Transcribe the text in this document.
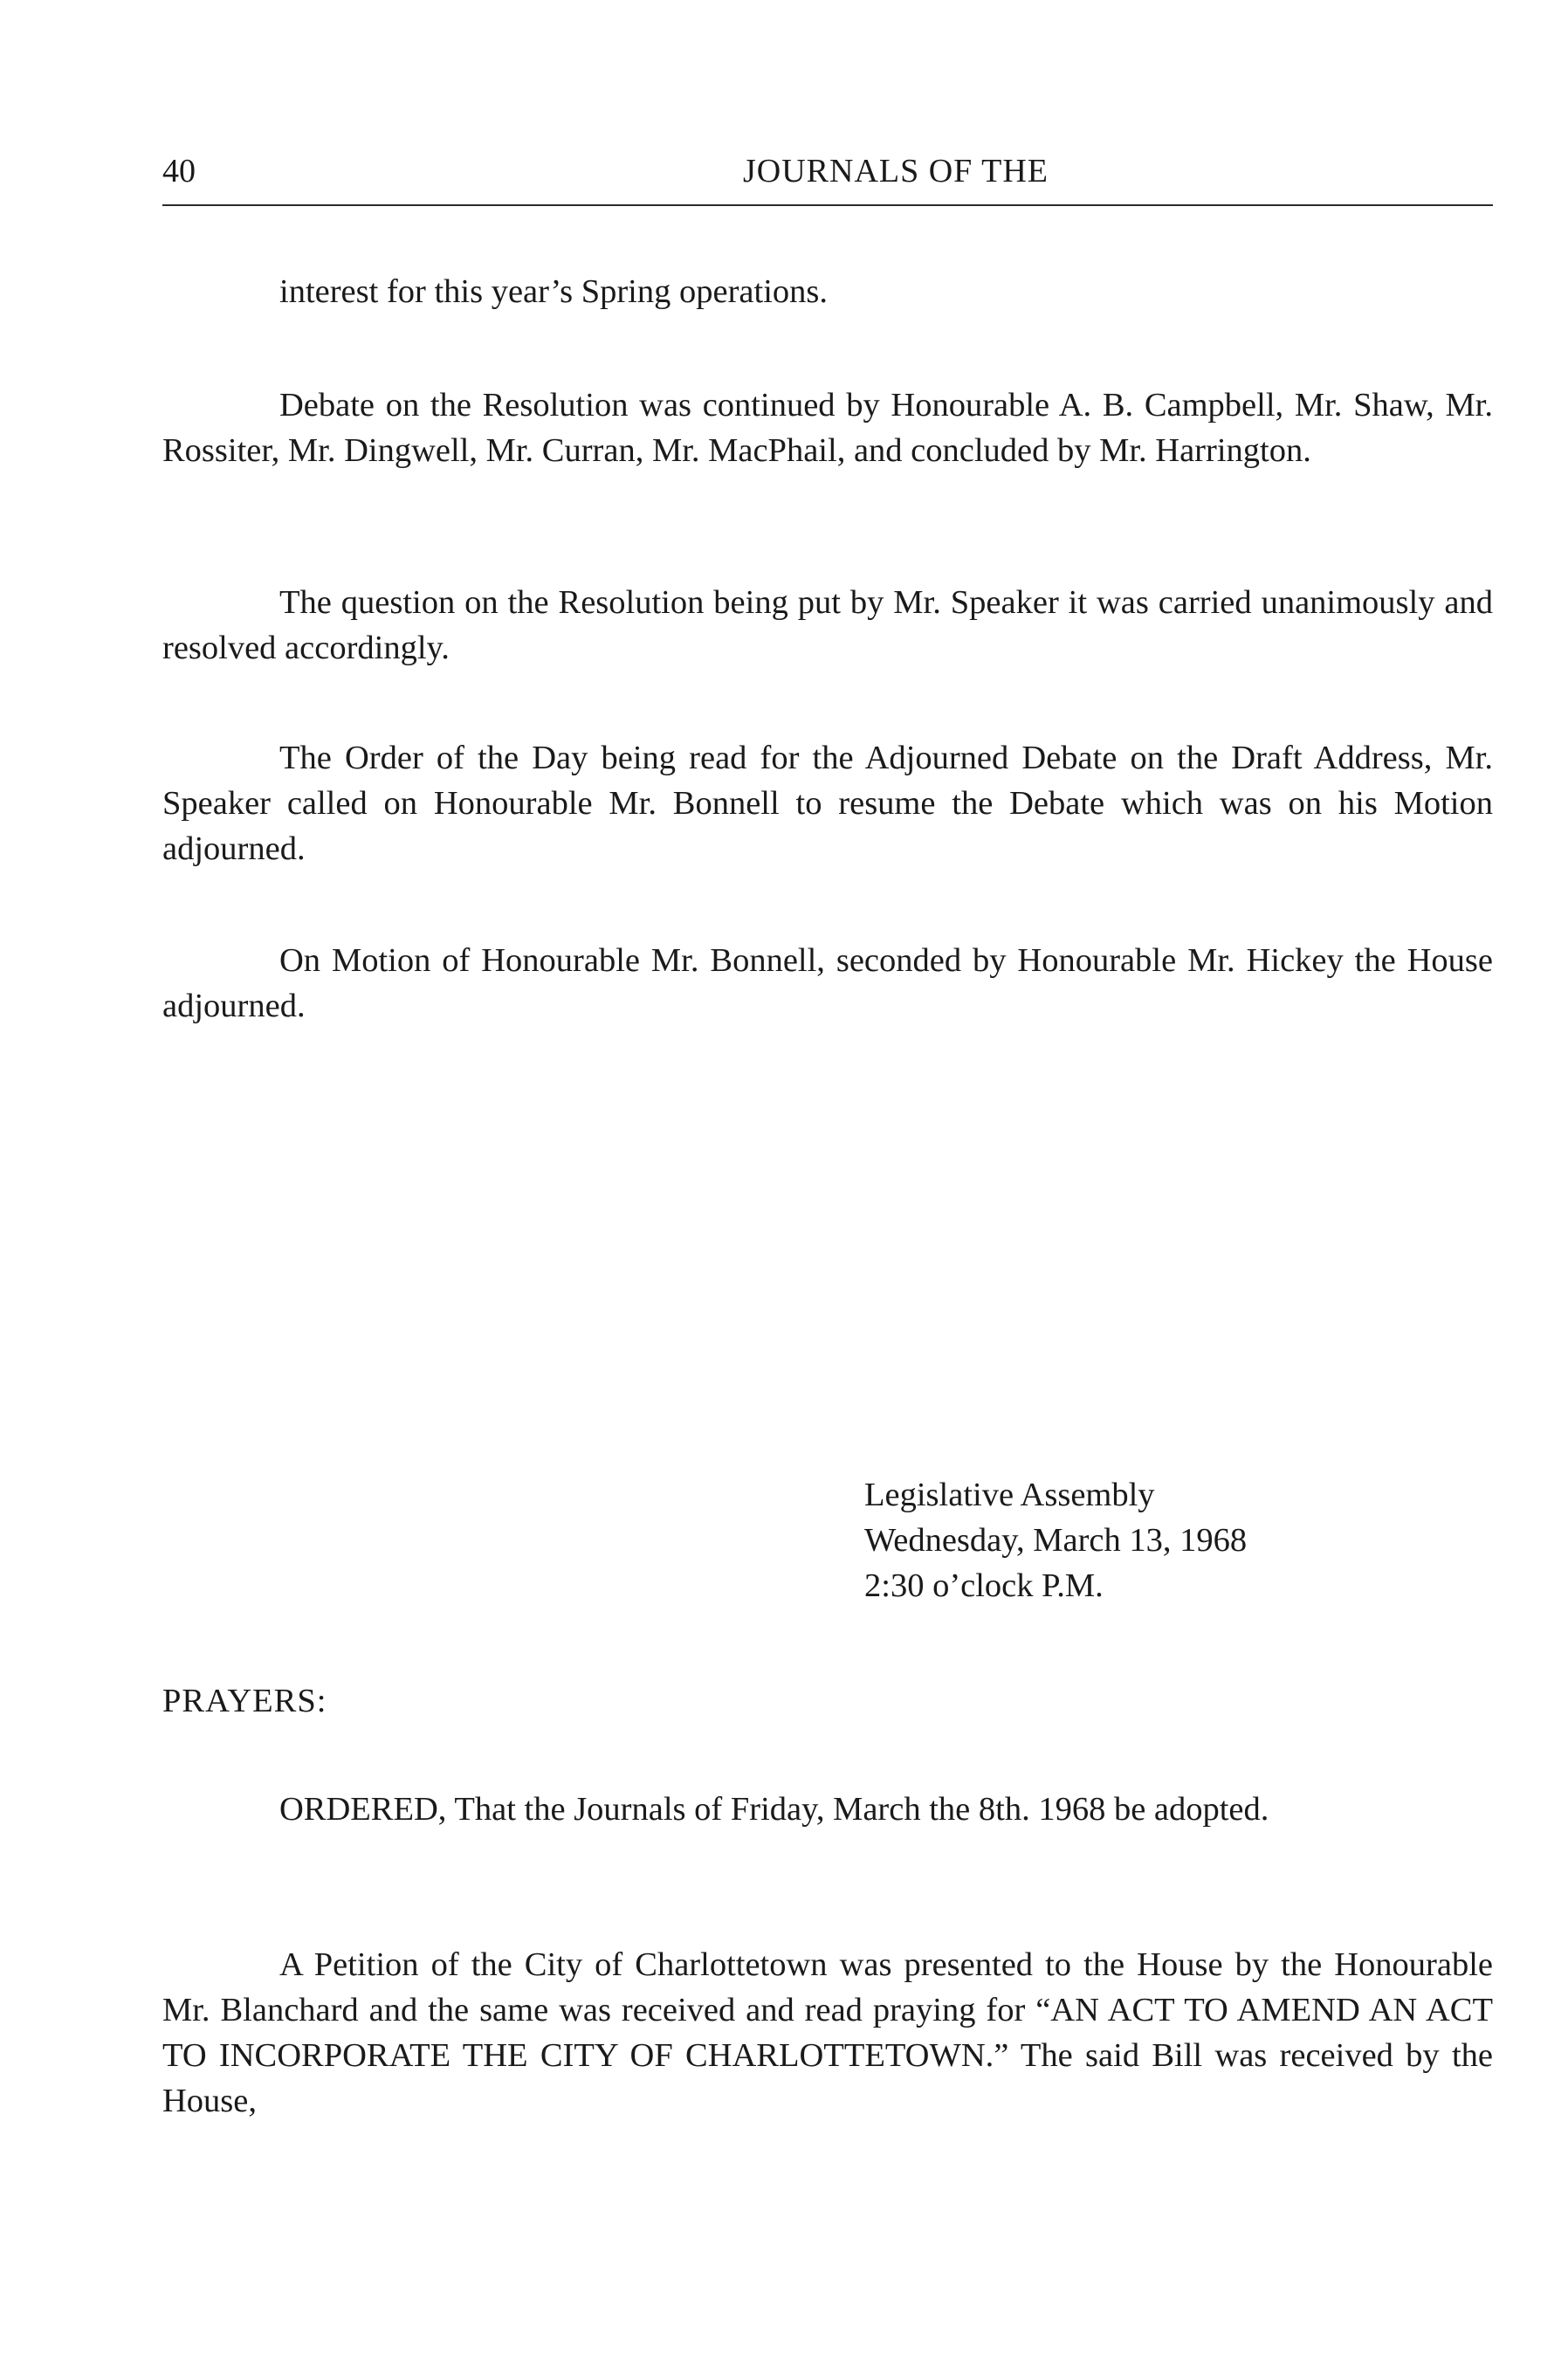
40	JOURNALS OF THE

interest for this year’s Spring operations.

Debate on the Resolution was continued by Honourable A. B. Campbell, Mr. Shaw, Mr. Rossiter, Mr. Dingwell, Mr. Curran, Mr. MacPhail, and concluded by Mr. Harrington.

The question on the Resolution being put by Mr. Speaker it was carried unanimously and resolved accordingly.

The Order of the Day being read for the Adjourned Debate on the Draft Address, Mr. Speaker called on Honourable Mr. Bonnell to resume the Debate which was on his Motion adjourned.

On Motion of Honourable Mr. Bonnell, seconded by Honourable Mr. Hickey the House adjourned.

Legislative Assembly
Wednesday, March 13, 1968
2:30 o’clock P.M.
PRAYERS:

ORDERED, That the Journals of Friday, March the 8th. 1968 be adopted.

A Petition of the City of Charlottetown was presented to the House by the Honourable Mr. Blanchard and the same was received and read praying for “AN ACT TO AMEND AN ACT TO INCORPORATE THE CITY OF CHARLOTTETOWN.” The said Bill was received by the House,
